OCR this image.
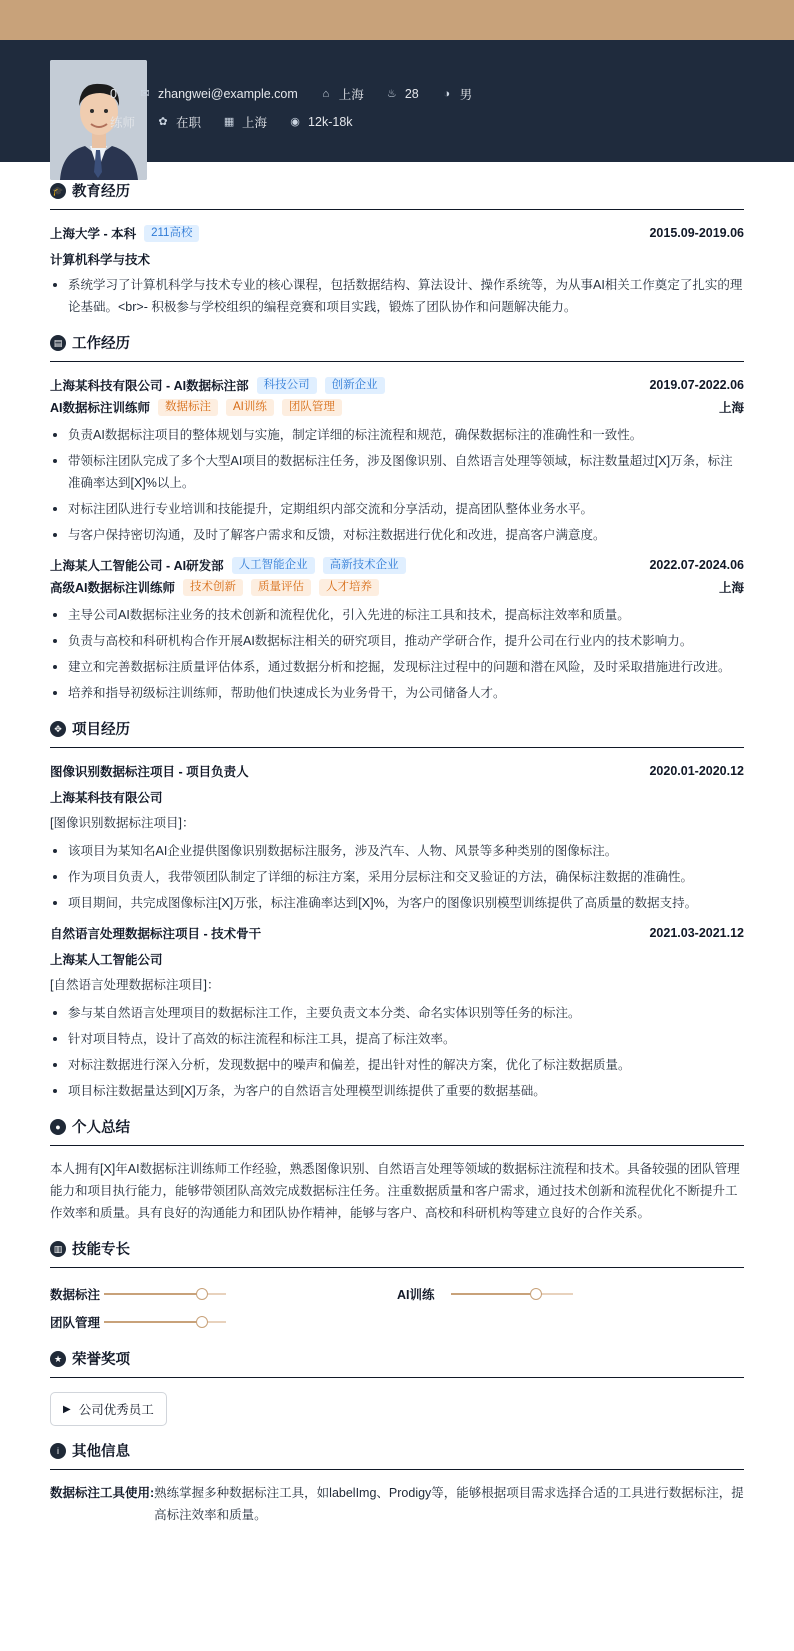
0 ✉ zhangwei@example.com ⌂ 上海 ♨ 28 ◑ 男
练师 ✿ 在职 ▦ 上海 ◉ 12k-18k
🎓 教育经历
上海大学 - 本科	211高校	2015.09-2019.06
计算机科学与技术
系统学习了计算机科学与技术专业的核心课程，包括数据结构、算法设计、操作系统等，为从事AI相关工作奠定了扎实的理论基础。<br>- 积极参与学校组织的编程竞赛和项目实践，锻炼了团队协作和问题解决能力。
▤ 工作经历
上海某科技有限公司 - AI数据标注部	科技公司	创新企业	2019.07-2022.06
AI数据标注训练师	数据标注	AI训练	团队管理	上海
负责AI数据标注项目的整体规划与实施，制定详细的标注流程和规范，确保数据标注的准确性和一致性。
带领标注团队完成了多个大型AI项目的数据标注任务，涉及图像识别、自然语言处理等领域，标注数量超过[X]万条，标注准确率达到[X]%以上。
对标注团队进行专业培训和技能提升，定期组织内部交流和分享活动，提高团队整体业务水平。
与客户保持密切沟通，及时了解客户需求和反馈，对标注数据进行优化和改进，提高客户满意度。
上海某人工智能公司 - AI研发部	人工智能企业	高新技术企业	2022.07-2024.06
高级AI数据标注训练师	技术创新	质量评估	人才培养	上海
主导公司AI数据标注业务的技术创新和流程优化，引入先进的标注工具和技术，提高标注效率和质量。
负责与高校和科研机构合作开展AI数据标注相关的研究项目，推动产学研合作，提升公司在行业内的技术影响力。
建立和完善数据标注质量评估体系，通过数据分析和挖掘，发现标注过程中的问题和潜在风险，及时采取措施进行改进。
培养和指导初级标注训练师，帮助他们快速成长为业务骨干，为公司储备人才。
✥ 项目经历
图像识别数据标注项目 - 项目负责人	2020.01-2020.12
上海某科技有限公司
[图像识别数据标注项目]：
该项目为某知名AI企业提供图像识别数据标注服务，涉及汽车、人物、风景等多种类别的图像标注。
作为项目负责人，我带领团队制定了详细的标注方案，采用分层标注和交叉验证的方法，确保标注数据的准确性。
项目期间，共完成图像标注[X]万张，标注准确率达到[X]%，为客户的图像识别模型训练提供了高质量的数据支持。
自然语言处理数据标注项目 - 技术骨干	2021.03-2021.12
上海某人工智能公司
[自然语言处理数据标注项目]：
参与某自然语言处理项目的数据标注工作，主要负责文本分类、命名实体识别等任务的标注。
针对项目特点，设计了高效的标注流程和标注工具，提高了标注效率。
对标注数据进行深入分析，发现数据中的噪声和偏差，提出针对性的解决方案，优化了标注数据质量。
项目标注数据量达到[X]万条，为客户的自然语言处理模型训练提供了重要的数据基础。
● 个人总结
本人拥有[X]年AI数据标注训练师工作经验，熟悉图像识别、自然语言处理等领域的数据标注流程和技术。具备较强的团队管理能力和项目执行能力，能够带领团队高效完成数据标注任务。注重数据质量和客户需求，通过技术创新和流程优化不断提升工作效率和质量。具有良好的沟通能力和团队协作精神，能够与客户、高校和科研机构等建立良好的合作关系。
▥ 技能专长
数据标注	AI训练
团队管理
★ 荣誉奖项
▶ 公司优秀员工
i 其他信息
数据标注工具使用: 熟练掌握多种数据标注工具，如labelImg、Prodigy等，能够根据项目需求选择合适的工具进行数据标注，提高标注效率和质量。
